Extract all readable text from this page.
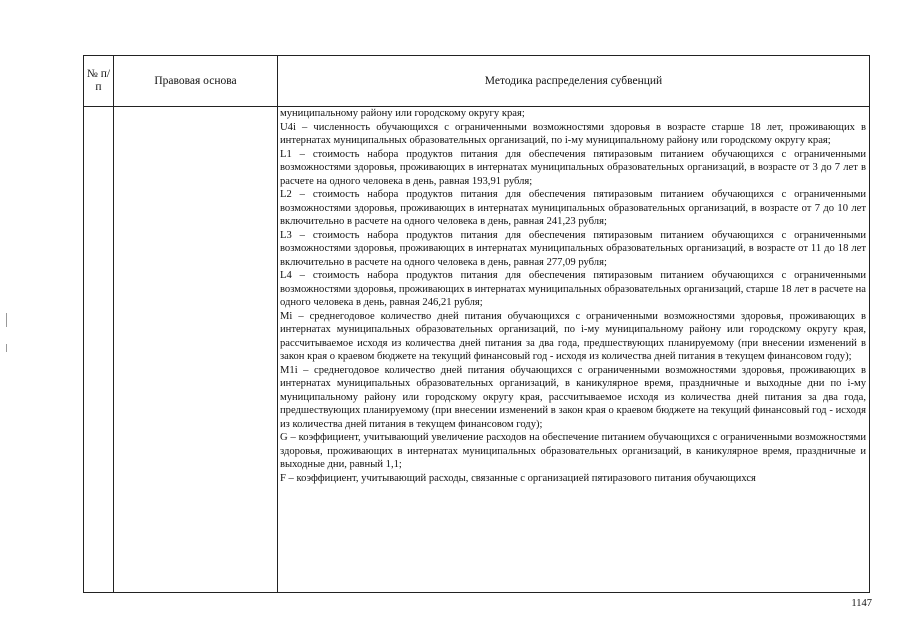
№ п/п
Правовая основа	Методика распределения субвенций

муниципальному району или городскому округу края;

U4i – численность обучающихся с ограниченными возможностями здоровья в возрасте старше 18 лет, проживающих в интернатах муниципальных образовательных организаций, по i-му муниципальному району или городскому округу края;

L1 – стоимость набора продуктов питания для обеспечения пятиразовым питанием обучающихся с ограниченными возможностями здоровья, проживающих в интернатах муниципальных образовательных организаций, в возрасте от 3 до 7 лет в расчете на одного человека в день, равная 193,91 рубля;

L2 – стоимость набора продуктов питания для обеспечения пятиразовым питанием обучающихся с ограниченными возможностями здоровья, проживающих в интернатах муниципальных образовательных организаций, в возрасте от 7 до 10 лет включительно в расчете на одного человека в день, равная 241,23 рубля;

L3 – стоимость набора продуктов питания для обеспечения пятиразовым питанием обучающихся с ограниченными возможностями здоровья, проживающих в интернатах муниципальных образовательных организаций, в возрасте от 11 до 18 лет включительно в расчете на одного человека в день, равная 277,09 рубля;

L4 – стоимость набора продуктов питания для обеспечения пятиразовым питанием обучающихся с ограниченными возможностями здоровья, проживающих в интернатах муниципальных образовательных организаций, старше 18 лет в расчете на одного человека в день, равная 246,21 рубля;

Mi – среднегодовое количество дней питания обучающихся с ограниченными возможностями здоровья, проживающих в интернатах муниципальных образовательных организаций, по i-му муниципальному району или городскому округу края, рассчитываемое исходя из количества дней питания за два года, предшествующих планируемому (при внесении изменений в закон края о краевом бюджете на текущий финансовый год - исходя из количества дней питания в текущем финансовом году);

M1i – среднегодовое количество дней питания обучающихся с ограниченными возможностями здоровья, проживающих в интернатах муниципальных образовательных организаций, в каникулярное время, праздничные и выходные дни по i-му муниципальному району или городскому округу края, рассчитываемое исходя из количества дней питания за два года, предшествующих планируемому (при внесении изменений в закон края о краевом бюджете на текущий финансовый год - исходя из количества дней питания в текущем финансовом году);

G – коэффициент, учитывающий увеличение расходов на обеспечение питанием обучающихся с ограниченными возможностями здоровья, проживающих в интернатах муниципальных образовательных организаций, в каникулярное время, праздничные и выходные дни, равный 1,1;

F – коэффициент, учитывающий расходы, связанные с организацией пятиразового питания обучающихся

1147
